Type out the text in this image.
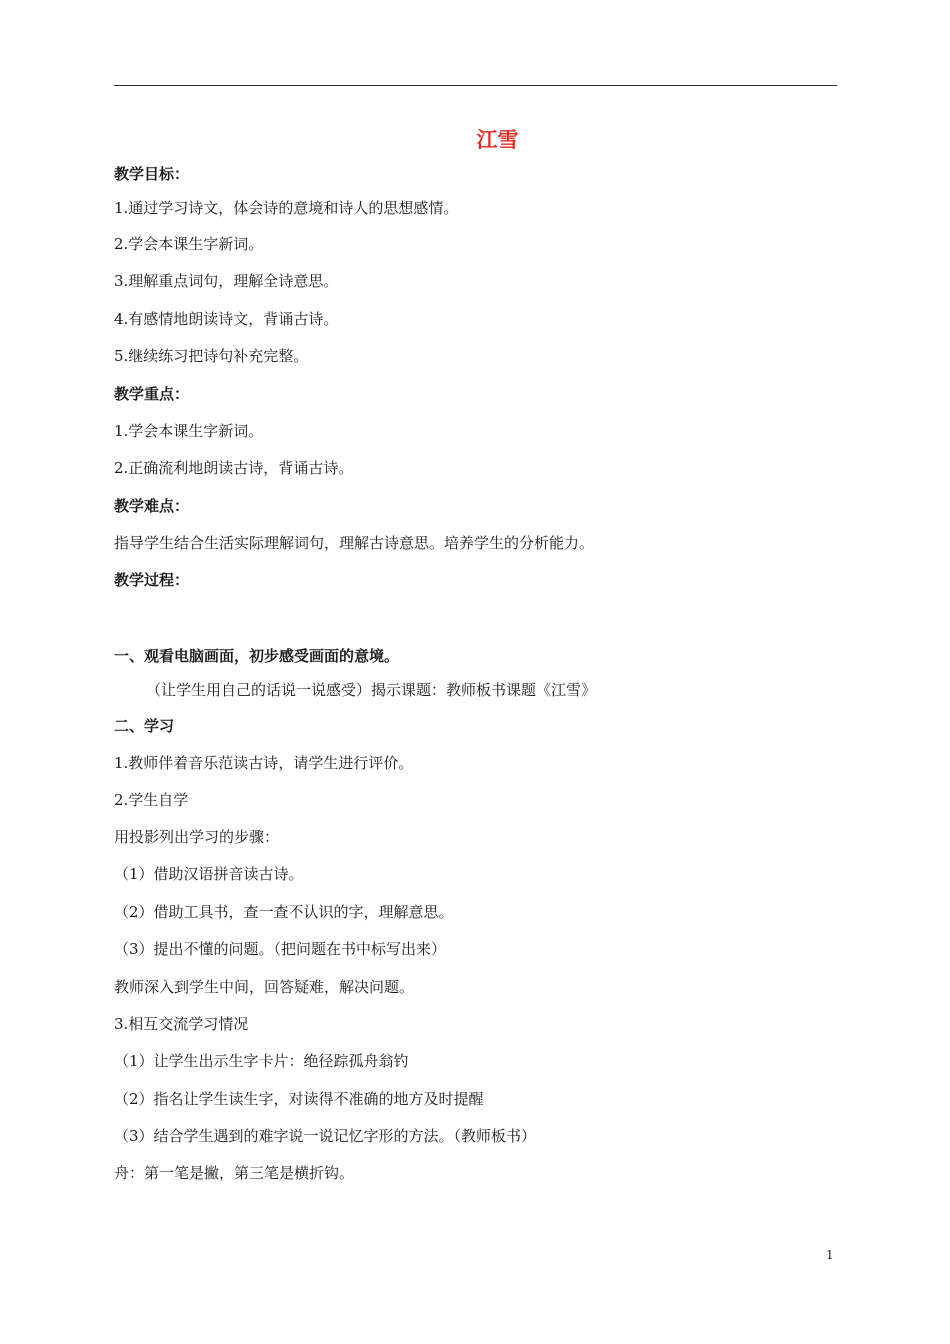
江雪
教学目标：
1.通过学习诗文，体会诗的意境和诗人的思想感情。
2.学会本课生字新词。
3.理解重点词句，理解全诗意思。
4.有感情地朗读诗文，背诵古诗。
5.继续练习把诗句补充完整。
教学重点：
1.学会本课生字新词。
2.正确流利地朗读古诗，背诵古诗。
教学难点：
指导学生结合生活实际理解词句，理解古诗意思。培养学生的分析能力。
教学过程：
一、观看电脑画面，初步感受画面的意境。
（让学生用自己的话说一说感受）揭示课题：教师板书课题《江雪》
二、学习
1.教师伴着音乐范读古诗，请学生进行评价。
2.学生自学
用投影列出学习的步骤：
（1）借助汉语拼音读古诗。
（2）借助工具书，查一查不认识的字，理解意思。
（3）提出不懂的问题。（把问题在书中标写出来）
教师深入到学生中间，回答疑难，解决问题。
3.相互交流学习情况
（1）让学生出示生字卡片：绝径踪孤舟翁钓
（2）指名让学生读生字，对读得不准确的地方及时提醒
（3）结合学生遇到的难字说一说记忆字形的方法。（教师板书）
舟：第一笔是撇，第三笔是横折钩。
1
